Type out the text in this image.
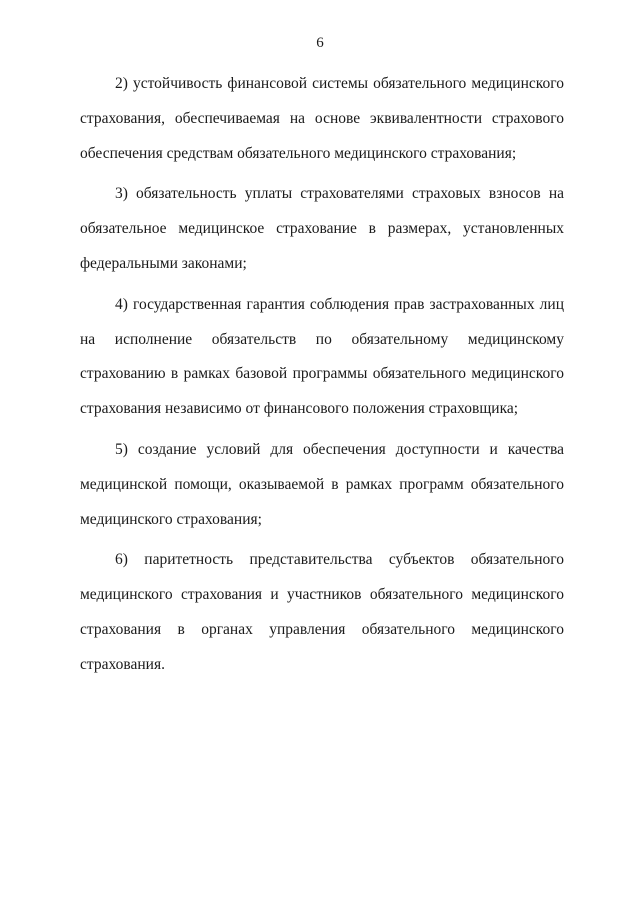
6

2) устойчивость финансовой системы обязательного медицинского страхования, обеспечиваемая на основе эквивалентности страхового обеспечения средствам обязательного медицинского страхования;

3) обязательность уплаты страхователями страховых взносов на обязательное медицинское страхование в размерах, установленных федеральными законами;

4) государственная гарантия соблюдения прав застрахованных лиц на исполнение обязательств по обязательному медицинскому страхованию в рамках базовой программы обязательного медицинского страхования независимо от финансового положения страховщика;

5) создание условий для обеспечения доступности и качества медицинской помощи, оказываемой в рамках программ обязательного медицинского страхования;

6) паритетность представительства субъектов обязательного медицинского страхования и участников обязательного медицинского страхования в органах управления обязательного медицинского страхования.
